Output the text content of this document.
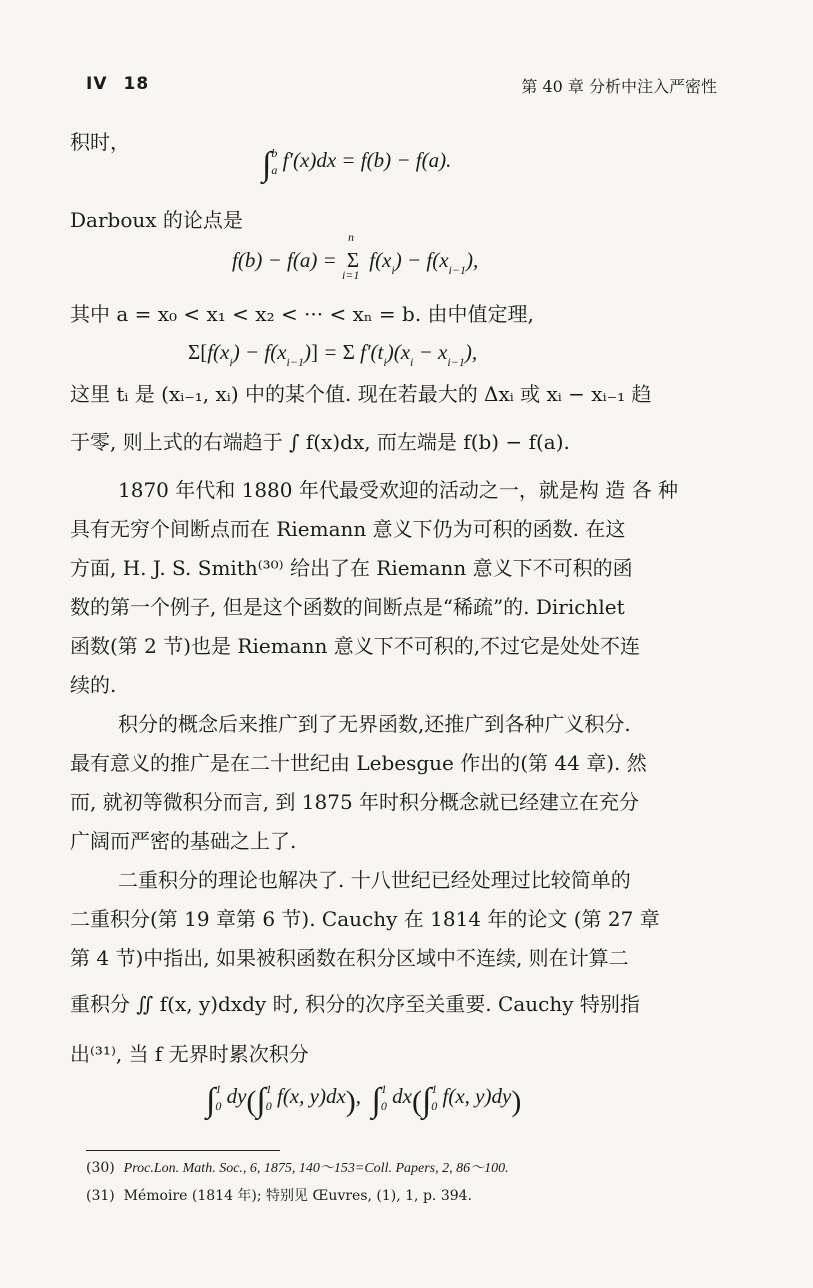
IV 18	第 40 章 分析中注入严密性
积时，
$\int_a^b$ f′(x)dx = f(b) − f(a).
Darboux 的论点是
f(b) − f(a) =
n
Σ
i=1
$f(x_i) - f(x_{i-1})$,
其中 a = x₀ < x₁ < x₂ < ··· < xₙ = b. 由中值定理,
$\Sigma[f(x_i) - f(x_{i-1})] = \Sigma$ $f'(t_i)(x_i - x_{i-1})$,
这里 tᵢ 是 (xᵢ₋₁, xᵢ) 中的某个值. 现在若最大的 Δxᵢ 或 xᵢ − xᵢ₋₁ 趋
于零, 则上式的右端趋于 ∫ f(x)dx, 而左端是 f(b) − f(a).
1870 年代和 1880 年代最受欢迎的活动之一，就是构 造 各 种
具有无穷个间断点而在 Riemann 意义下仍为可积的函数. 在这
方面, H. J. S. Smith⁽³⁰⁾ 给出了在 Riemann 意义下不可积的函
数的第一个例子, 但是这个函数的间断点是“稀疏”的. Dirichlet
函数(第 2 节)也是 Riemann 意义下不可积的,不过它是处处不连
续的.
积分的概念后来推广到了无界函数,还推广到各种广义积分.
最有意义的推广是在二十世纪由 Lebesgue 作出的(第 44 章). 然
而, 就初等微积分而言, 到 1875 年时积分概念就已经建立在充分
广阔而严密的基础之上了.
二重积分的理论也解决了. 十八世纪已经处理过比较简单的
二重积分(第 19 章第 6 节). Cauchy 在 1814 年的论文 (第 27 章
第 4 节)中指出, 如果被积函数在积分区域中不连续, 则在计算二
重积分 ∬ f(x, y)dxdy 时, 积分的次序至关重要. Cauchy 特别指
出⁽³¹⁾, 当 f 无界时累次积分
$\int_0^1$ $dy(\int_0^1$ f(x, y)dx),  $\int_0^1$ $dx(\int_0^1$ f(x, y)dy)
(30) Proc.Lon. Math. Soc., 6, 1875, 140～153=Coll. Papers, 2, 86～100.
(31) Mémoire (1814 年); 特别见 Œuvres, (1), 1, p. 394.
